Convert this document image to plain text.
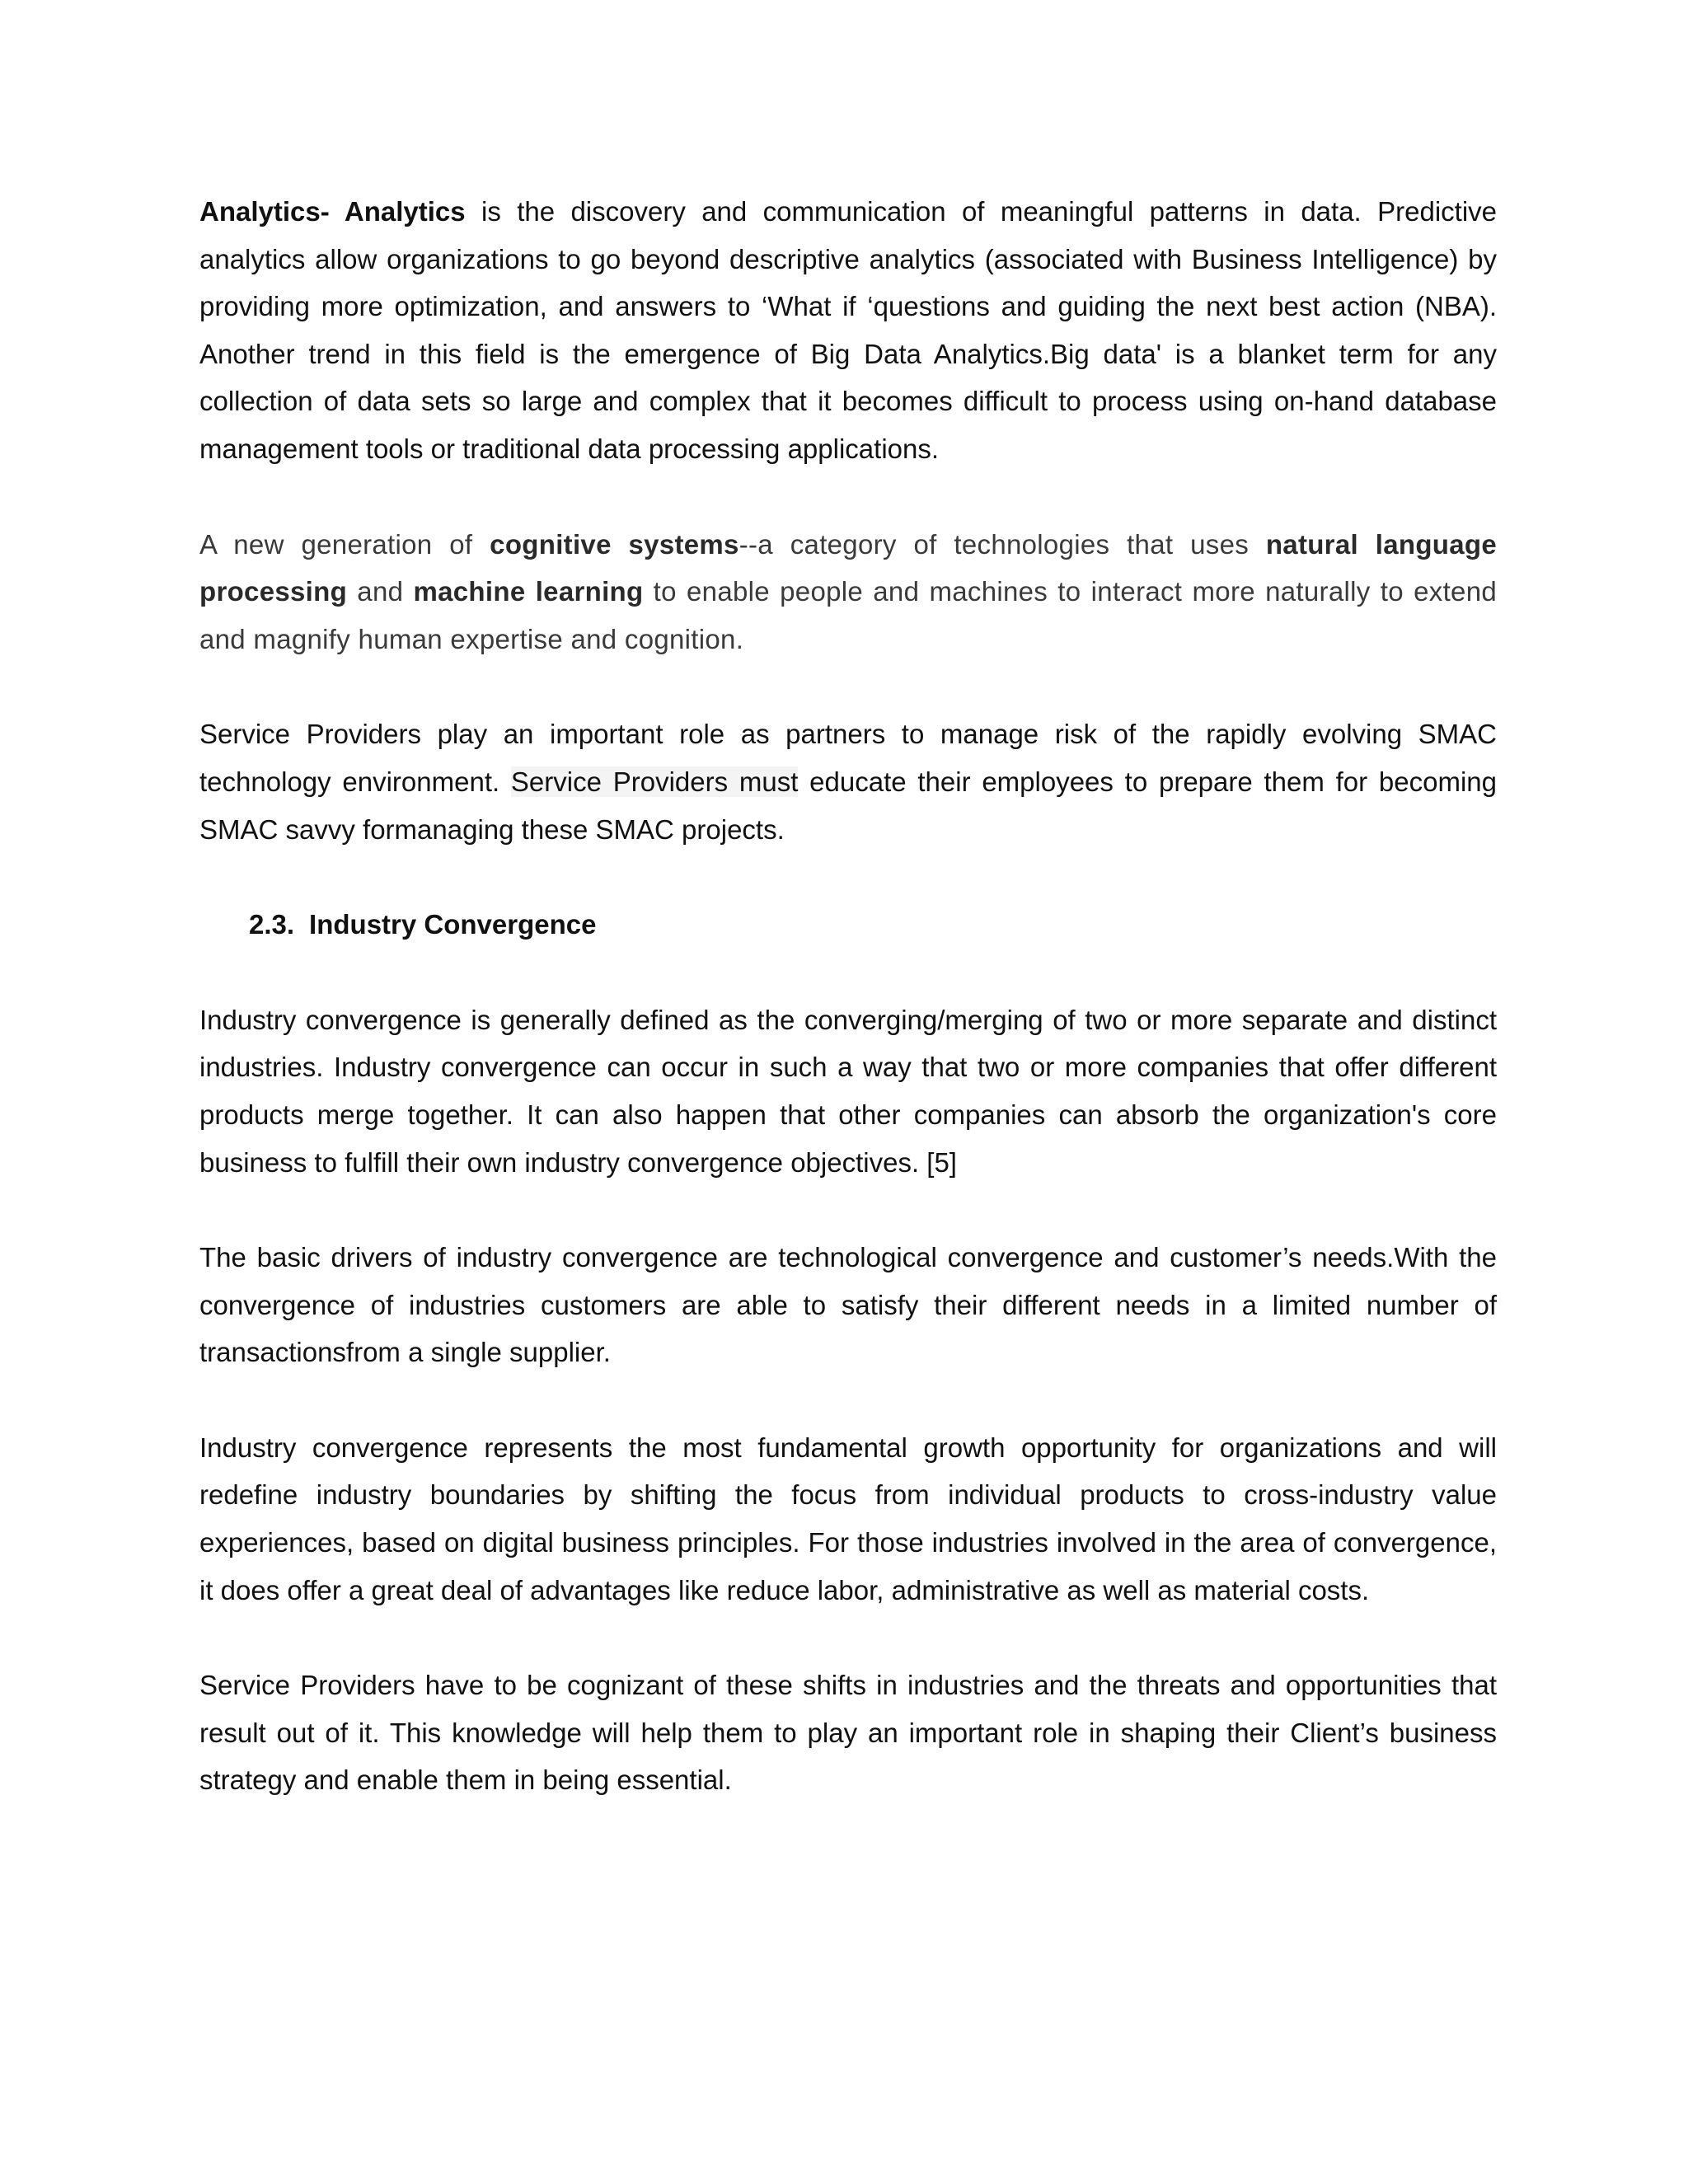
Analytics- Analytics is the discovery and communication of meaningful patterns in data. Predictive analytics allow organizations to go beyond descriptive analytics (associated with Business Intelligence) by providing more optimization, and answers to ‘What if ‘questions and guiding the next best action (NBA). Another trend in this field is the emergence of Big Data Analytics.Big data' is a blanket term for any collection of data sets so large and complex that it becomes difficult to process using on-hand database management tools or traditional data processing applications.

A new generation of cognitive systems--a category of technologies that uses natural language processing and machine learning to enable people and machines to interact more naturally to extend and magnify human expertise and cognition.

Service Providers play an important role as partners to manage risk of the rapidly evolving SMAC technology environment. Service Providers must educate their employees to prepare them for becoming SMAC savvy formanaging these SMAC projects.

2.3. Industry Convergence

Industry convergence is generally defined as the converging/merging of two or more separate and distinct industries. Industry convergence can occur in such a way that two or more companies that offer different products merge together. It can also happen that other companies can absorb the organization's core business to fulfill their own industry convergence objectives. [5]

The basic drivers of industry convergence are technological convergence and customer’s needs.With the convergence of industries customers are able to satisfy their different needs in a limited number of transactionsfrom a single supplier.

Industry convergence represents the most fundamental growth opportunity for organizations and will redefine industry boundaries by shifting the focus from individual products to cross-industry value experiences, based on digital business principles. For those industries involved in the area of convergence, it does offer a great deal of advantages like reduce labor, administrative as well as material costs.

Service Providers have to be cognizant of these shifts in industries and the threats and opportunities that result out of it. This knowledge will help them to play an important role in shaping their Client’s business strategy and enable them in being essential.
